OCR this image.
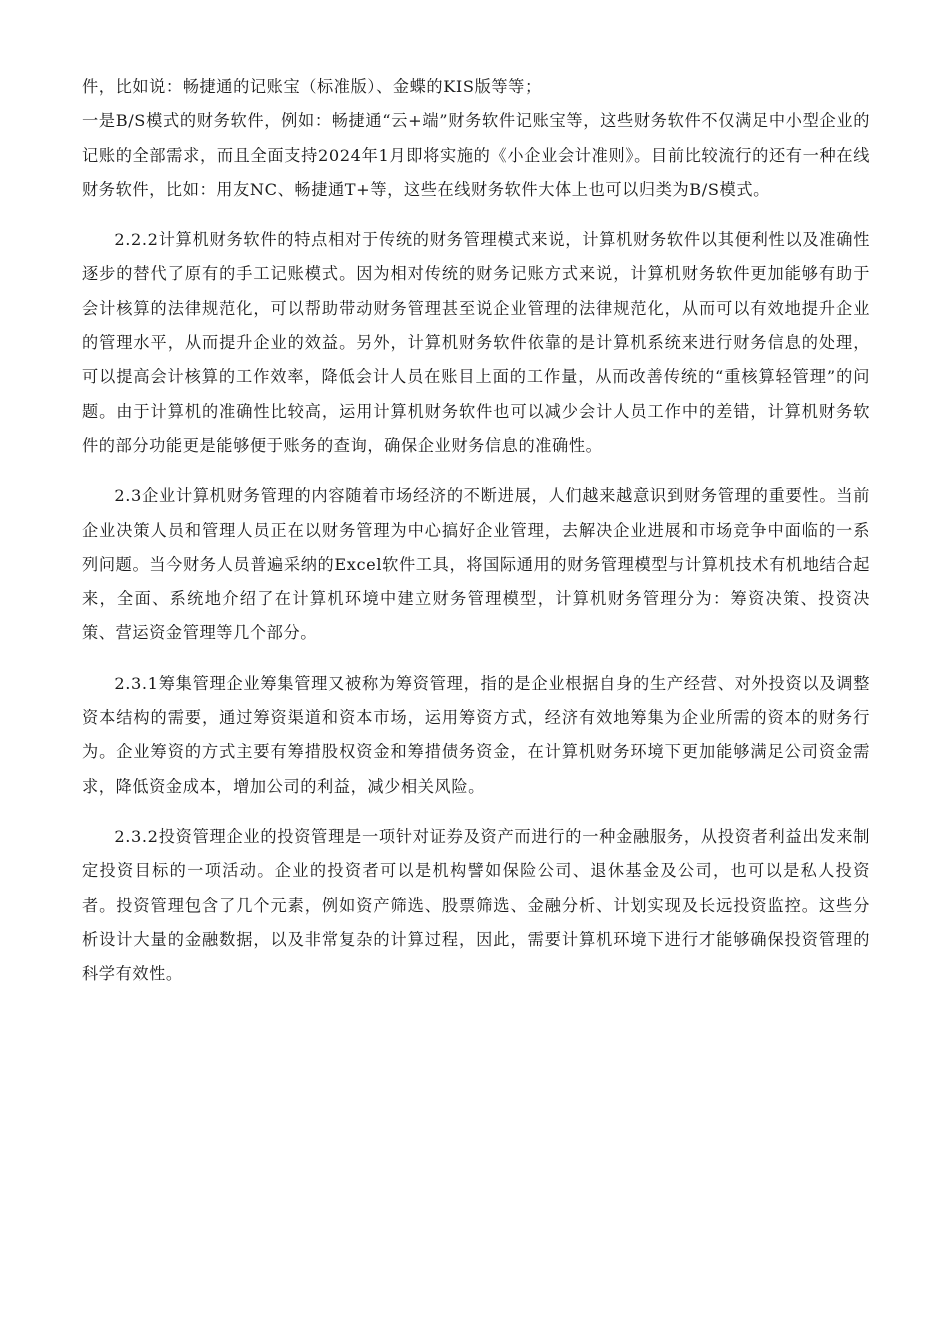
件，比如说：畅捷通的记账宝（标准版）、金蝶的KIS版等等；

一是B/S模式的财务软件，例如：畅捷通“云+端”财务软件记账宝等，这些财务软件不仅满足中小型企业的记账的全部需求，而且全面支持2024年1月即将实施的《小企业会计准则》。目前比较流行的还有一种在线财务软件，比如：用友NC、畅捷通T+等，这些在线财务软件大体上也可以归类为B/S模式。

2.2.2计算机财务软件的特点相对于传统的财务管理模式来说，计算机财务软件以其便利性以及准确性逐步的替代了原有的手工记账模式。因为相对传统的财务记账方式来说，计算机财务软件更加能够有助于会计核算的法律规范化，可以帮助带动财务管理甚至说企业管理的法律规范化，从而可以有效地提升企业的管理水平，从而提升企业的效益。另外，计算机财务软件依靠的是计算机系统来进行财务信息的处理，可以提高会计核算的工作效率，降低会计人员在账目上面的工作量，从而改善传统的“重核算轻管理”的问题。由于计算机的准确性比较高，运用计算机财务软件也可以减少会计人员工作中的差错，计算机财务软件的部分功能更是能够便于账务的查询，确保企业财务信息的准确性。

2.3企业计算机财务管理的内容随着市场经济的不断进展，人们越来越意识到财务管理的重要性。当前企业决策人员和管理人员正在以财务管理为中心搞好企业管理，去解决企业进展和市场竞争中面临的一系列问题。当今财务人员普遍采纳的Excel软件工具，将国际通用的财务管理模型与计算机技术有机地结合起来，全面、系统地介绍了在计算机环境中建立财务管理模型，计算机财务管理分为：筹资决策、投资决策、营运资金管理等几个部分。

2.3.1筹集管理企业筹集管理又被称为筹资管理，指的是企业根据自身的生产经营、对外投资以及调整资本结构的需要，通过筹资渠道和资本市场，运用筹资方式，经济有效地筹集为企业所需的资本的财务行为。企业筹资的方式主要有筹措股权资金和筹措债务资金，在计算机财务环境下更加能够满足公司资金需求，降低资金成本，增加公司的利益，减少相关风险。

2.3.2投资管理企业的投资管理是一项针对证券及资产而进行的一种金融服务，从投资者利益出发来制定投资目标的一项活动。企业的投资者可以是机构譬如保险公司、退休基金及公司，也可以是私人投资者。投资管理包含了几个元素，例如资产筛选、股票筛选、金融分析、计划实现及长远投资监控。这些分析设计大量的金融数据，以及非常复杂的计算过程，因此，需要计算机环境下进行才能够确保投资管理的科学有效性。
